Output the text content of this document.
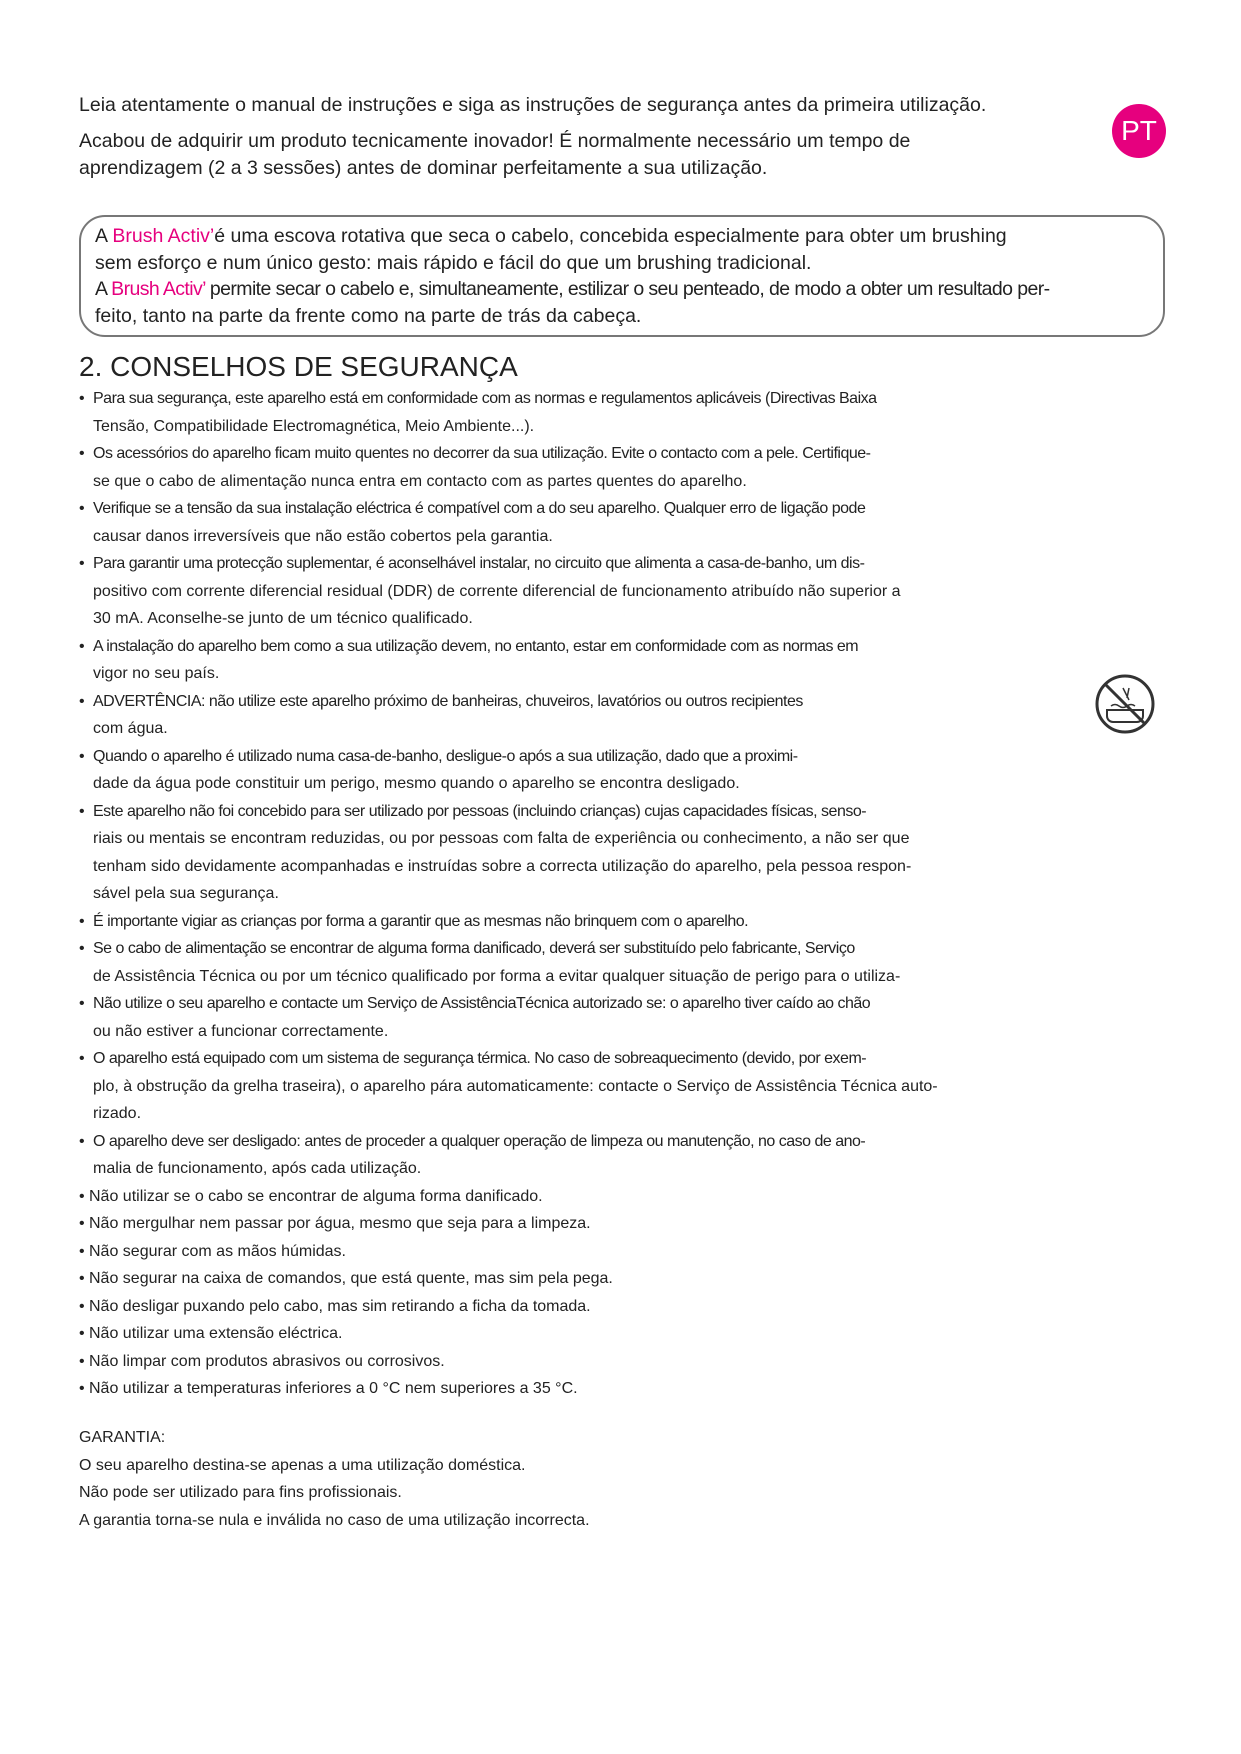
Leia atentamente o manual de instruções e siga as instruções de segurança antes da primeira utilização.

Acabou de adquirir um produto tecnicamente inovador! É normalmente necessário um tempo de

aprendizagem (2 a 3 sessões) antes de dominar perfeitamente a sua utilização.

PT
A Brush Activ’é uma escova rotativa que seca o cabelo, concebida especialmente para obter um brushing
sem esforço e num único gesto: mais rápido e fácil do que um brushing tradicional.
A Brush Activ’ permite secar o cabelo e, simultaneamente, estilizar o seu penteado, de modo a obter um resultado per-
feito, tanto na parte da frente como na parte de trás da cabeça.
2. CONSELHOS DE SEGURANÇA
• Para sua segurança, este aparelho está em conformidade com as normas e regulamentos aplicáveis (Directivas Baixa
Tensão, Compatibilidade Electromagnética, Meio Ambiente...).
• Os acessórios do aparelho ficam muito quentes no decorrer da sua utilização. Evite o contacto com a pele. Certifique-
se que o cabo de alimentação nunca entra em contacto com as partes quentes do aparelho.
• Verifique se a tensão da sua instalação eléctrica é compatível com a do seu aparelho. Qualquer erro de ligação pode
causar danos irreversíveis que não estão cobertos pela garantia.
• Para garantir uma protecção suplementar, é aconselhável instalar, no circuito que alimenta a casa-de-banho, um dis-
positivo com corrente diferencial residual (DDR) de corrente diferencial de funcionamento atribuído não superior a
30 mA. Aconselhe-se junto de um técnico qualificado.
• A instalação do aparelho bem como a sua utilização devem, no entanto, estar em conformidade com as normas em
vigor no seu país.
• ADVERTÊNCIA: não utilize este aparelho próximo de banheiras, chuveiros, lavatórios ou outros recipientes
com água.
• Quando o aparelho é utilizado numa casa-de-banho, desligue-o após a sua utilização, dado que a proximi-
dade da água pode constituir um perigo, mesmo quando o aparelho se encontra desligado.
• Este aparelho não foi concebido para ser utilizado por pessoas (incluindo crianças) cujas capacidades físicas, senso-
riais ou mentais se encontram reduzidas, ou por pessoas com falta de experiência ou conhecimento, a não ser que
tenham sido devidamente acompanhadas e instruídas sobre a correcta utilização do aparelho, pela pessoa respon-
sável pela sua segurança.
• É importante vigiar as crianças por forma a garantir que as mesmas não brinquem com o aparelho.
• Se o cabo de alimentação se encontrar de alguma forma danificado, deverá ser substituído pelo fabricante, Serviço
de Assistência Técnica ou por um técnico qualificado por forma a evitar qualquer situação de perigo para o utiliza-
• Não utilize o seu aparelho e contacte um Serviço de AssistênciaTécnica autorizado se: o aparelho tiver caído ao chão
ou não estiver a funcionar correctamente.
• O aparelho está equipado com um sistema de segurança térmica. No caso de sobreaquecimento (devido, por exem-
plo, à obstrução da grelha traseira), o aparelho pára automaticamente: contacte o Serviço de Assistência Técnica auto-
rizado.
• O aparelho deve ser desligado: antes de proceder a qualquer operação de limpeza ou manutenção, no caso de ano-
malia de funcionamento, após cada utilização.
• Não utilizar se o cabo se encontrar de alguma forma danificado.
• Não mergulhar nem passar por água, mesmo que seja para a limpeza.
• Não segurar com as mãos húmidas.
• Não segurar na caixa de comandos, que está quente, mas sim pela pega.
• Não desligar puxando pelo cabo, mas sim retirando a ficha da tomada.
• Não utilizar uma extensão eléctrica.
• Não limpar com produtos abrasivos ou corrosivos.
• Não utilizar a temperaturas inferiores a 0 °C nem superiores a 35 °C.

GARANTIA:

O seu aparelho destina-se apenas a uma utilização doméstica.

Não pode ser utilizado para fins profissionais.

A garantia torna-se nula e inválida no caso de uma utilização incorrecta.
